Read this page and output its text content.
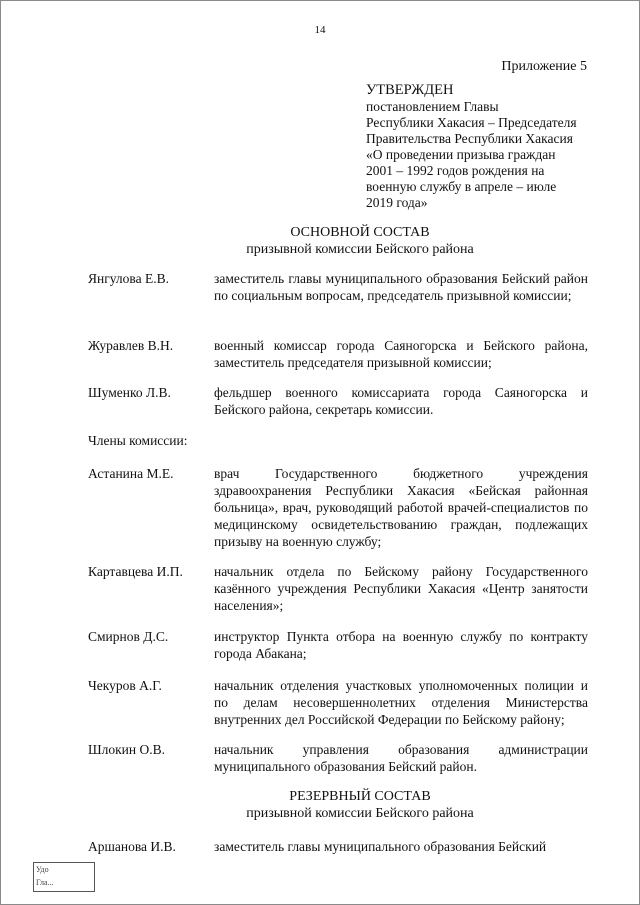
14
Приложение 5
УТВЕРЖДЕН
постановлением Главы
Республики Хакасия – Председателя
Правительства Республики Хакасия
«О проведении призыва граждан
2001 – 1992 годов рождения на
военную службу в апреле – июле
2019 года»
ОСНОВНОЙ СОСТАВ
призывной комиссии Бейского района
Янгулова Е.В.	заместитель главы муниципального образования Бейский район по социальным вопросам, председатель призывной комиссии;
Журавлев В.Н.	военный комиссар города Саяногорска и Бейского района, заместитель председателя призывной комиссии;
Шуменко Л.В.	фельдшер военного комиссариата города Саяногорска и Бейского района, секретарь комиссии.
Члены комиссии:
Астанина М.Е.	врач Государственного бюджетного учреждения здравоохранения Республики Хакасия «Бейская районная больница», врач, руководящий работой врачей-специалистов по медицинскому освидетельствованию граждан, подлежащих призыву на военную службу;
Картавцева И.П.	начальник отдела по Бейскому району Государственного казённого учреждения Республики Хакасия «Центр занятости населения»;
Смирнов Д.С.	инструктор Пункта отбора на военную службу по контракту города Абакана;
Чекуров А.Г.	начальник отделения участковых уполномоченных полиции и по делам несовершеннолетних отделения Министерства внутренних дел Российской Федерации по Бейскому району;
Шлокин О.В.	начальник управления образования администрации муниципального образования Бейский район.
РЕЗЕРВНЫЙ СОСТАВ
призывной комиссии Бейского района
Аршанова И.В.	заместитель главы муниципального образования Бейский
Удо
Гла...
